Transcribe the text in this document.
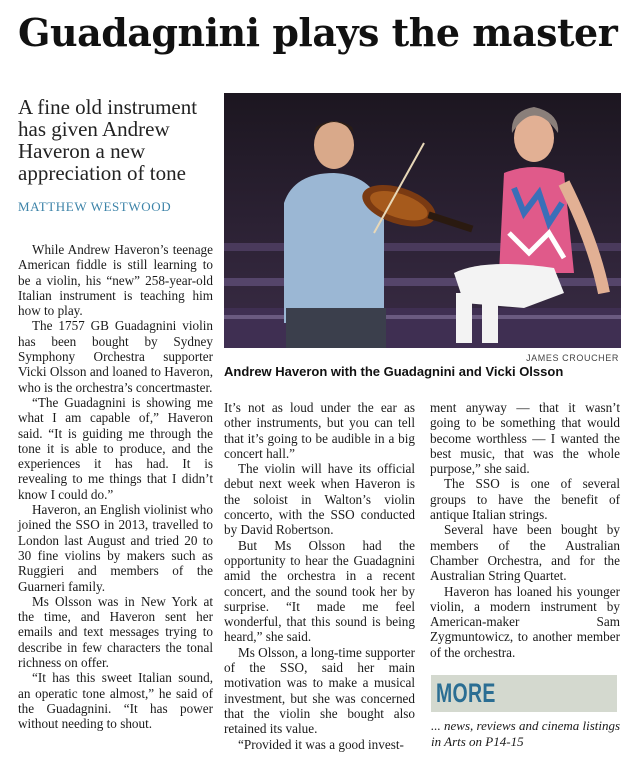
Guadagnini plays the master
A fine old instrument has given Andrew Haveron a new appreciation of tone
MATTHEW WESTWOOD
JAMES CROUCHER
Andrew Haveron with the Guadagnini and Vicki Olsson

While Andrew Haveron’s teenage American fiddle is still learning to be a violin, his “new” 258-year-old Italian instrument is teaching him how to play.

The 1757 GB Guadagnini violin has been bought by Sydney Symphony Orchestra supporter Vicki Olsson and loaned to Haveron, who is the orchestra’s concertmaster.

“The Guadagnini is showing me what I am capable of,” Haveron said. “It is guiding me through the tone it is able to produce, and the experiences it has had. It is revealing to me things that I didn’t know I could do.”

Haveron, an English violinist who joined the SSO in 2013, travelled to London last August and tried 20 to 30 fine violins by makers such as Ruggieri and members of the Guarneri family.

Ms Olsson was in New York at the time, and Haveron sent her emails and text messages trying to describe in few characters the tonal richness on offer.

“It has this sweet Italian sound, an operatic tone almost,” he said of the Guadagnini. “It has power without needing to shout.

It’s not as loud under the ear as other instruments, but you can tell that it’s going to be audible in a big concert hall.”

The violin will have its official debut next week when Haveron is the soloist in Walton’s violin concerto, with the SSO conducted by David Robertson.

But Ms Olsson had the opportunity to hear the Guadagnini amid the orchestra in a recent concert, and the sound took her by surprise. “It made me feel wonderful, that this sound is being heard,” she said.

Ms Olsson, a long-time supporter of the SSO, said her main motivation was to make a musical investment, but she was concerned that the violin she bought also retained its value.

“Provided it was a good invest-

ment anyway — that it wasn’t going to be something that would become worthless — I wanted the best music, that was the whole purpose,” she said.

The SSO is one of several groups to have the benefit of antique Italian strings.

Several have been bought by members of the Australian Chamber Orchestra, and for the Australian String Quartet.

Haveron has loaned his younger violin, a modern instrument by American-maker Sam Zygmuntowicz, to another member of the orchestra.

MORE
... news, reviews and cinema listings in Arts on P14-15
